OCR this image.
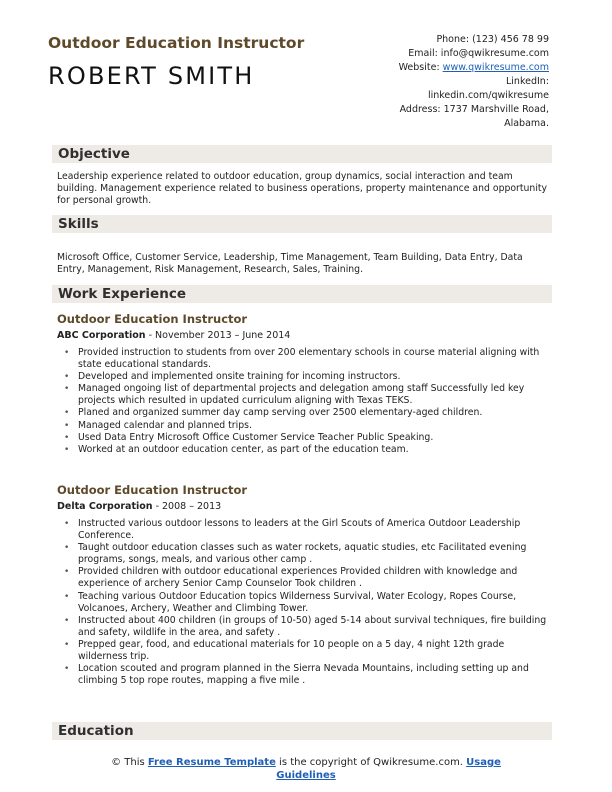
Outdoor Education Instructor
ROBERT SMITH
Phone: (123) 456 78 99
Email: info@qwikresume.com
Website: www.qwikresume.com
LinkedIn:
linkedin.com/qwikresume
Address: 1737 Marshville Road,
Alabama.
Objective
Leadership experience related to outdoor education, group dynamics, social interaction and team building. Management experience related to business operations, property maintenance and opportunity for personal growth.
Skills
Microsoft Office, Customer Service, Leadership, Time Management, Team Building, Data Entry, Data Entry, Management, Risk Management, Research, Sales, Training.
Work Experience
Outdoor Education Instructor
ABC Corporation - November 2013 – June 2014
• Provided instruction to students from over 200 elementary schools in course material aligning with state educational standards.
• Developed and implemented onsite training for incoming instructors.
• Managed ongoing list of departmental projects and delegation among staff Successfully led key projects which resulted in updated curriculum aligning with Texas TEKS.
• Planed and organized summer day camp serving over 2500 elementary-aged children.
• Managed calendar and planned trips.
• Used Data Entry Microsoft Office Customer Service Teacher Public Speaking.
• Worked at an outdoor education center, as part of the education team.
Outdoor Education Instructor
Delta Corporation - 2008 – 2013
• Instructed various outdoor lessons to leaders at the Girl Scouts of America Outdoor Leadership Conference.
• Taught outdoor education classes such as water rockets, aquatic studies, etc Facilitated evening programs, songs, meals, and various other camp .
• Provided children with outdoor educational experiences Provided children with knowledge and experience of archery Senior Camp Counselor Took children .
• Teaching various Outdoor Education topics Wilderness Survival, Water Ecology, Ropes Course, Volcanoes, Archery, Weather and Climbing Tower.
• Instructed about 400 children (in groups of 10-50) aged 5-14 about survival techniques, fire building and safety, wildlife in the area, and safety .
• Prepped gear, food, and educational materials for 10 people on a 5 day, 4 night 12th grade wilderness trip.
• Location scouted and program planned in the Sierra Nevada Mountains, including setting up and climbing 5 top rope routes, mapping a five mile .
Education
© This Free Resume Template is the copyright of Qwikresume.com. Usage
Guidelines
